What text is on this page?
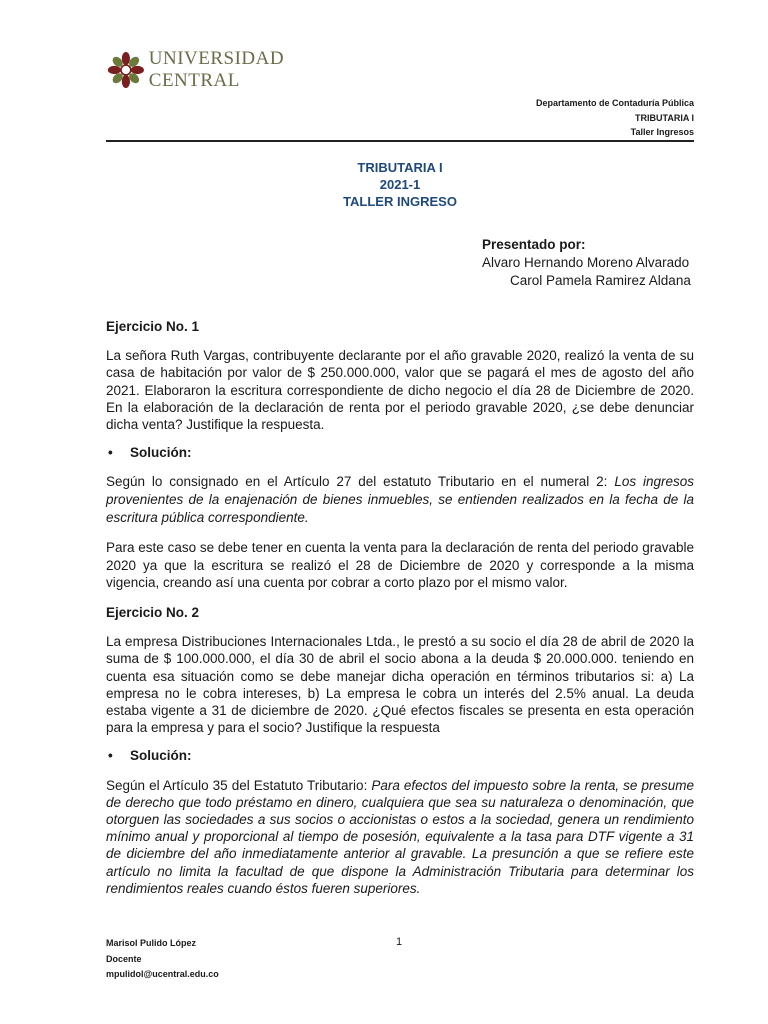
UNIVERSIDAD CENTRAL
Departamento de Contaduría Pública
TRIBUTARIA I
Taller Ingresos
TRIBUTARIA I
2021-1
TALLER INGRESO
Presentado por:
Alvaro Hernando Moreno Alvarado
Carol Pamela Ramirez Aldana

Ejercicio No. 1

La señora Ruth Vargas, contribuyente declarante por el año gravable 2020, realizó la venta de su casa de habitación por valor de $ 250.000.000, valor que se pagará el mes de agosto del año 2021. Elaboraron la escritura correspondiente de dicho negocio el día 28 de Diciembre de 2020. En la elaboración de la declaración de renta por el periodo gravable 2020, ¿se debe denunciar dicha venta? Justifique la respuesta.

•	Solución:

Según lo consignado en el Artículo 27 del estatuto Tributario en el numeral 2: Los ingresos provenientes de la enajenación de bienes inmuebles, se entienden realizados en la fecha de la escritura pública correspondiente.

Para este caso se debe tener en cuenta la venta para la declaración de renta del periodo gravable 2020 ya que la escritura se realizó el 28 de Diciembre de 2020 y corresponde a la misma vigencia, creando así una cuenta por cobrar a corto plazo por el mismo valor.

Ejercicio No. 2

La empresa Distribuciones Internacionales Ltda., le prestó a su socio el día 28 de abril de 2020 la suma de $ 100.000.000, el día 30 de abril el socio abona a la deuda $ 20.000.000. teniendo en cuenta esa situación como se debe manejar dicha operación en términos tributarios si: a) La empresa no le cobra intereses, b) La empresa le cobra un interés del 2.5% anual. La deuda estaba vigente a 31 de diciembre de 2020. ¿Qué efectos fiscales se presenta en esta operación para la empresa y para el socio? Justifique la respuesta

•	Solución:

Según el Artículo 35 del Estatuto Tributario: Para efectos del impuesto sobre la renta, se presume de derecho que todo préstamo en dinero, cualquiera que sea su naturaleza o denominación, que otorguen las sociedades a sus socios o accionistas o estos a la sociedad, genera un rendimiento mínimo anual y proporcional al tiempo de posesión, equivalente a la tasa para DTF vigente a 31 de diciembre del año inmediatamente anterior al gravable. La presunción a que se refiere este artículo no limita la facultad de que dispone la Administración Tributaria para determinar los rendimientos reales cuando éstos fueren superiores.

Marisol Pulido López
Docente
mpulidol@ucentral.edu.co
1
